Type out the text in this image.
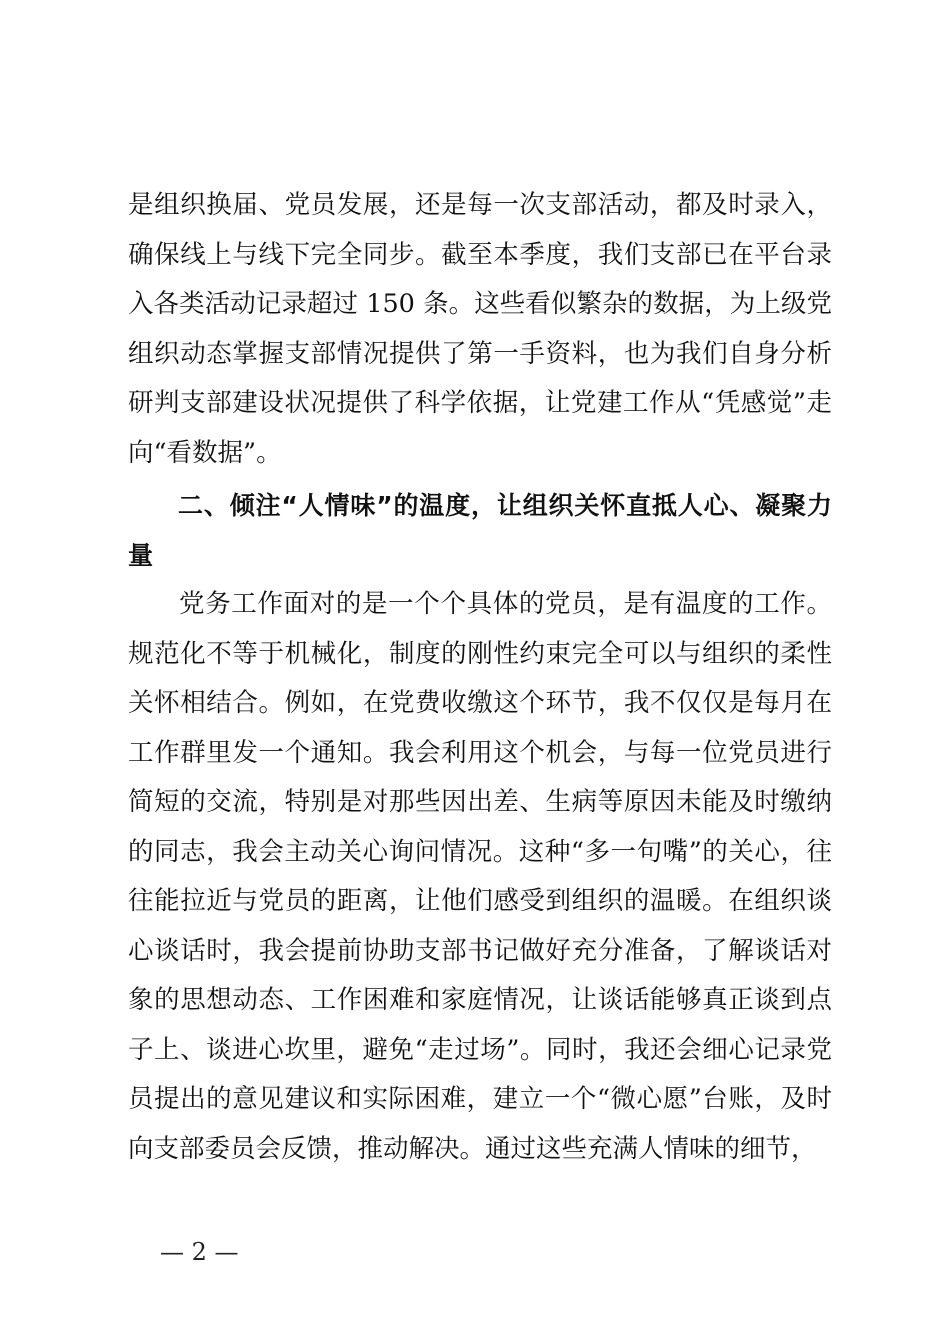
是组织换届、党员发展，还是每一次支部活动，都及时录入，确保线上与线下完全同步。截至本季度，我们支部已在平台录入各类活动记录超过 150 条。这些看似繁杂的数据，为上级党组织动态掌握支部情况提供了第一手资料，也为我们自身分析研判支部建设状况提供了科学依据，让党建工作从“凭感觉”走向“看数据”。

二、倾注“人情味”的温度，让组织关怀直抵人心、凝聚力量

党务工作面对的是一个个具体的党员，是有温度的工作。规范化不等于机械化，制度的刚性约束完全可以与组织的柔性关怀相结合。例如，在党费收缴这个环节，我不仅仅是每月在工作群里发一个通知。我会利用这个机会，与每一位党员进行简短的交流，特别是对那些因出差、生病等原因未能及时缴纳的同志，我会主动关心询问情况。这种“多一句嘴”的关心，往往能拉近与党员的距离，让他们感受到组织的温暖。在组织谈心谈话时，我会提前协助支部书记做好充分准备，了解谈话对象的思想动态、工作困难和家庭情况，让谈话能够真正谈到点子上、谈进心坎里，避免“走过场”。同时，我还会细心记录党员提出的意见建议和实际困难，建立一个“微心愿”台账，及时向支部委员会反馈，推动解决。通过这些充满人情味的细节，

— 2 —
